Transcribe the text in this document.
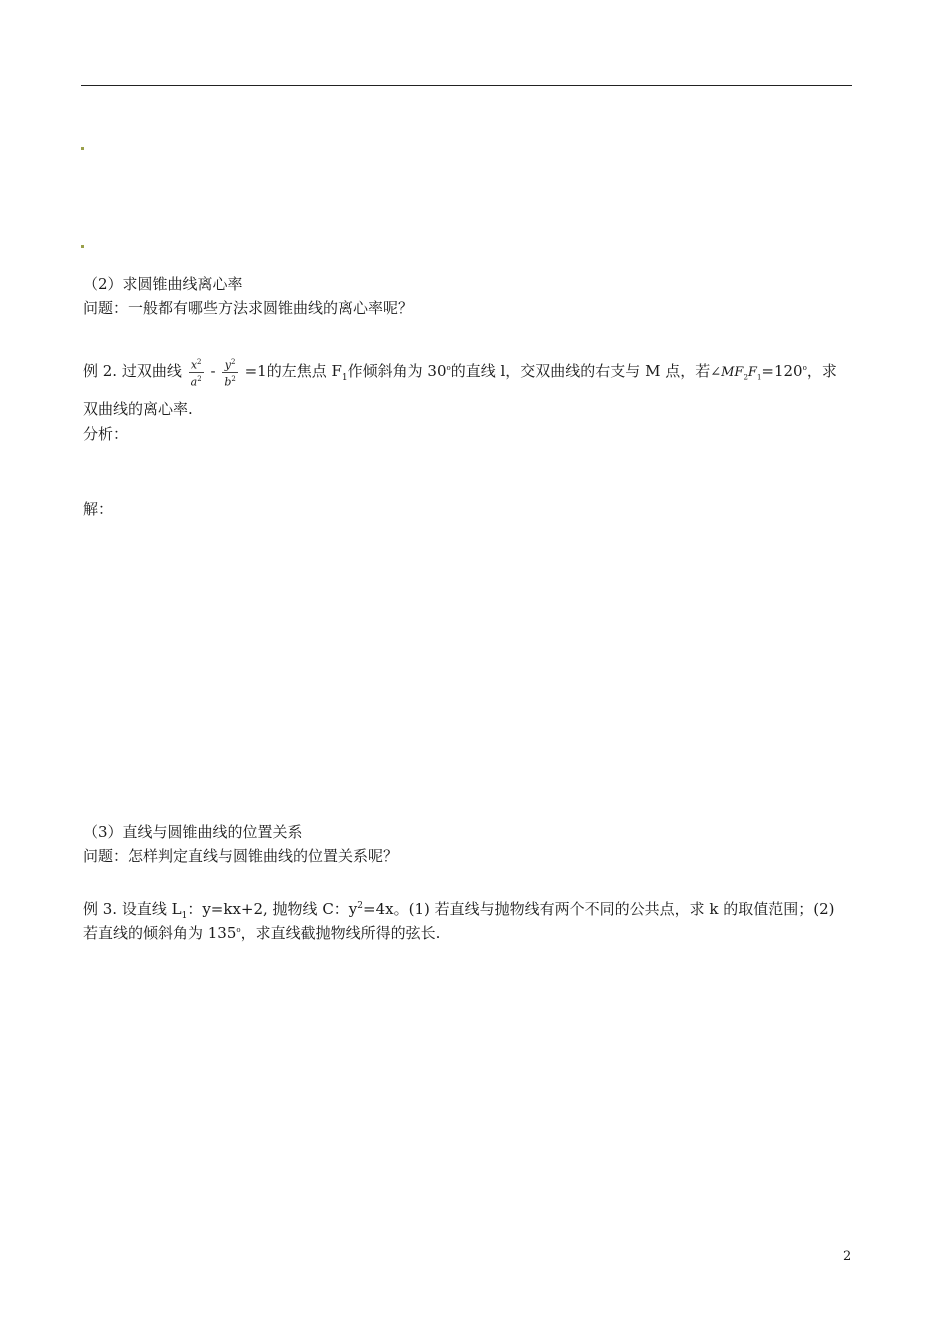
（2）求圆锥曲线离心率
问题：一般都有哪些方法求圆锥曲线的离心率呢？
例 2. 过双曲线 $\frac{x^2}{a^2} - \frac{y^2}{b^2} =1$的左焦点 $F_1$作倾斜角为 30$^o$的直线 l，交双曲线的右支与 M 点，若$\angle MF_2F_1=120^o$，求
双曲线的离心率.
分析：
解：
（3）直线与圆锥曲线的位置关系
问题：怎样判定直线与圆锥曲线的位置关系呢？
例 3. 设直线 $L_1$：y=kx+2, 抛物线 C：$y^2=4x$。(1) 若直线与抛物线有两个不同的公共点，求 k 的取值范围；(2)
若直线的倾斜角为 135$^o$，求直线截抛物线所得的弦长.
2
